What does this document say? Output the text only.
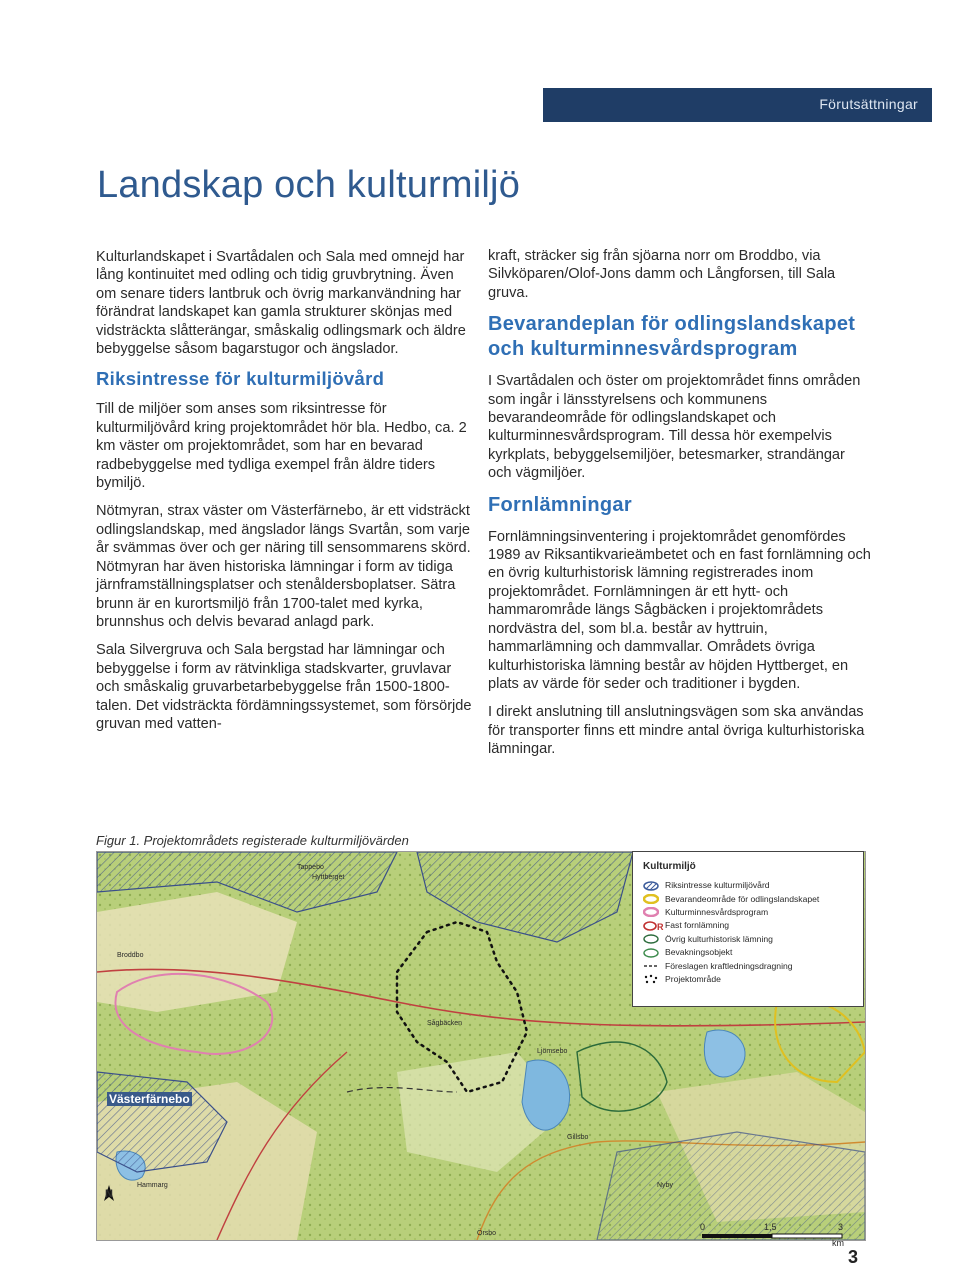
Förutsättningar
Landskap och kulturmiljö

Kulturlandskapet i Svartådalen och Sala med omnejd har lång kontinuitet med odling och tidig gruvbrytning. Även om senare tiders lantbruk och övrig markanvändning har förändrat landskapet kan gamla strukturer skönjas med vidsträckta slåtterängar, småskalig odlingsmark och äldre bebyggelse såsom bagarstugor och ängslador.

Riksintresse för kulturmiljövård

Till de miljöer som anses som riksintresse för kulturmiljövård kring projektområdet hör bla. Hedbo, ca. 2 km väster om projektområdet, som har en bevarad radbebyggelse med tydliga exempel från äldre tiders bymiljö.

Nötmyran, strax väster om Västerfärnebo, är ett vidsträckt odlingslandskap, med ängslador längs Svartån, som varje år svämmas över och ger näring till sensommarens skörd. Nötmyran har även historiska lämningar i form av tidiga järnframställningsplatser och stenåldersboplatser. Sätra brunn är en kurortsmiljö från 1700-talet med kyrka, brunnshus och delvis bevarad anlagd park.

Sala Silvergruva och Sala bergstad har lämningar och bebyggelse i form av rätvinkliga stadskvarter, gruvlavar och småskalig gruvarbetarbebyggelse från 1500-1800-talen. Det vidsträckta fördämningssystemet, som försörjde gruvan med vatten-

kraft, sträcker sig från sjöarna norr om Broddbo, via Silvköparen/Olof-Jons damm och Långforsen, till Sala gruva.

Bevarandeplan för odlingslandskapet och kulturminnesvårdsprogram

I Svartådalen och öster om projektområdet finns områden som ingår i länsstyrelsens och kommunens bevarandeområde för odlingslandskapet och kulturminnesvårdsprogram. Till dessa hör exempelvis kyrkplats, bebyggelsemiljöer, betesmarker, strandängar och vägmiljöer.

Fornlämningar

Fornlämningsinventering i projektområdet genomfördes 1989 av Riksantikvarieämbetet och en fast fornlämning och en övrig kulturhistorisk lämning registrerades inom projektområdet. Fornlämningen är ett hytt- och hammarområde längs Sågbäcken i projektområdets nordvästra del, som bl.a. består av hyttruin, hammarlämning och dammvallar. Områdets övriga kulturhistoriska lämning består av höjden Hyttberget, en plats av värde för seder och traditioner i bygden.

I direkt anslutning till anslutningsvägen som ska användas för transporter finns ett mindre antal övriga kulturhistoriska lämningar.

Figur 1. Projektområdets registerade kulturmiljövärden
Tappebo
Hyttberget
Västerfärnebo
Ljömsebo
Broddbo
Sågbäcken
Hammarg
Gillsbo
Örsbo
Nyby
N
Kulturmiljö
Riksintresse kulturmiljövård
Bevarandeområde för odlingslandskapet
Kulturminnesvårdsprogram
R Fast fornlämning
Övrig kulturhistorisk lämning
Bevakningsobjekt
Föreslagen kraftledningsdragning
Projektområde
0	1,5	3
km
3
